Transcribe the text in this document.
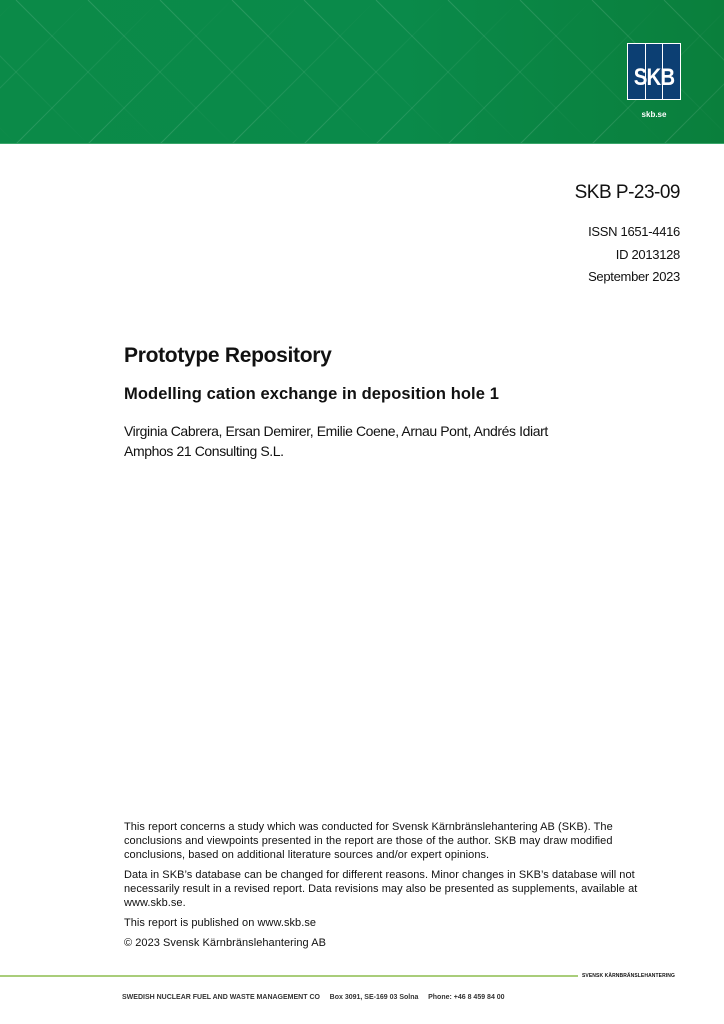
SKB
skb.se
SKB P-23-09
ISSN 1651-4416
ID 2013128
September 2023
Prototype Repository
Modelling cation exchange in deposition hole 1
Virginia Cabrera, Ersan Demirer, Emilie Coene, Arnau Pont, Andrés Idiart
Amphos 21 Consulting S.L.

This report concerns a study which was conducted for Svensk Kärnbränslehantering AB (SKB). The conclusions and viewpoints presented in the report are those of the author. SKB may draw modified conclusions, based on additional literature sources and/or expert opinions.

Data in SKB’s database can be changed for different reasons. Minor changes in SKB’s database will not necessarily result in a revised report. Data revisions may also be presented as supplements, available at www.skb.se.

This report is published on www.skb.se

© 2023 Svensk Kärnbränslehantering AB

SVENSK KÄRNBRÄNSLEHANTERING
SWEDISH NUCLEAR FUEL AND WASTE MANAGEMENT CO     Box 3091, SE-169 03 Solna     Phone: +46 8 459 84 00
